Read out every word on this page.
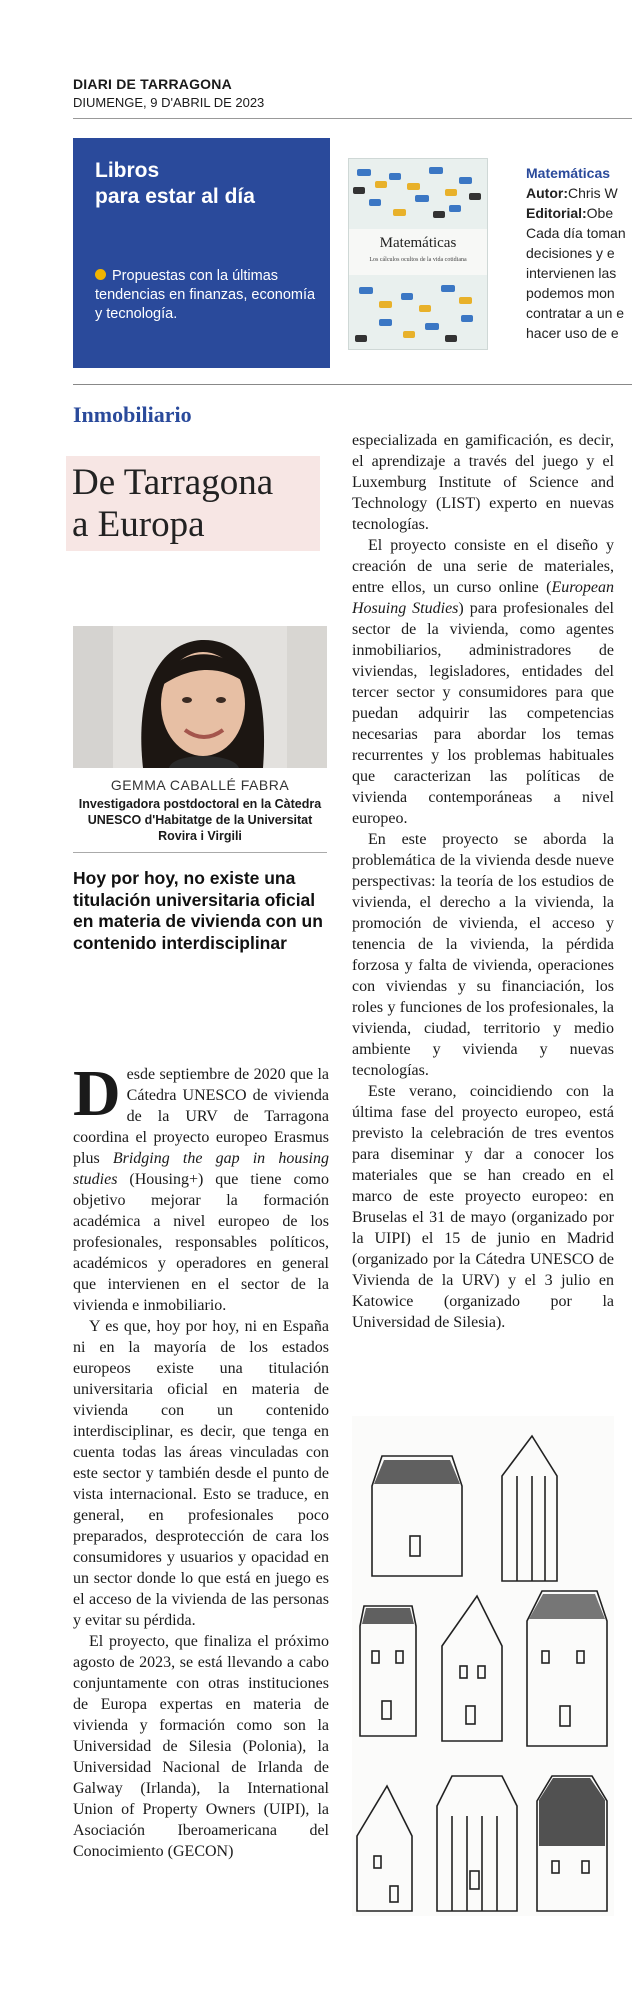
DIARI DE TARRAGONA
DIUMENGE, 9 D'ABRIL DE 2023
Libros
para estar al día
Propuestas con la últimas tendencias en finanzas, economía y tecnología.
Matemáticas
Los cálculos ocultos de la vida cotidiana
Matemáticas
Autor:Chris W
Editorial:Obe
Cada día toman
decisiones y e
intervienen las
podemos mon
contratar a un e
hacer uso de e
Inmobiliario
De Tarragona
a Europa
GEMMA CABALLÉ FABRA
Investigadora postdoctoral en la Càtedra UNESCO d'Habitatge de la Universitat Rovira i Virgili
Hoy por hoy, no existe una titulación universitaria oficial en materia de vivienda con un contenido interdisciplinar

Desde septiembre de 2020 que la Cátedra UNESCO de vivienda de la URV de Tarragona coordina el proyecto europeo Erasmus plus Bridging the gap in housing studies (Housing+) que tiene como objetivo mejorar la formación académica a nivel europeo de los profesionales, responsables políticos, académicos y operadores en general que intervienen en el sector de la vivienda e inmobiliario.

Y es que, hoy por hoy, ni en España ni en la mayoría de los estados europeos existe una titulación universitaria oficial en materia de vivienda con un contenido interdisciplinar, es decir, que tenga en cuenta todas las áreas vinculadas con este sector y también desde el punto de vista internacional. Esto se traduce, en general, en profesionales poco preparados, desprotección de cara los consumidores y usuarios y opacidad en un sector donde lo que está en juego es el acceso de la vivienda de las personas y evitar su pérdida.

El proyecto, que finaliza el próximo agosto de 2023, se está llevando a cabo conjuntamente con otras instituciones de Europa expertas en materia de vivienda y formación como son la Universidad de Silesia (Polonia), la Universidad Nacional de Irlanda de Galway (Irlanda), la International Union of Property Owners (UIPI), la Asociación Iberoamericana del Conocimiento (GECON)

especializada en gamificación, es decir, el aprendizaje a través del juego y el Luxemburg Institute of Science and Technology (LIST) experto en nuevas tecnologías.

El proyecto consiste en el diseño y creación de una serie de materiales, entre ellos, un curso online (European Hosuing Studies) para profesionales del sector de la vivienda, como agentes inmobiliarios, administradores de viviendas, legisladores, entidades del tercer sector y consumidores para que puedan adquirir las competencias necesarias para abordar los temas recurrentes y los problemas habituales que caracterizan las políticas de vivienda contemporáneas a nivel europeo.

En este proyecto se aborda la problemática de la vivienda desde nueve perspectivas: la teoría de los estudios de vivienda, el derecho a la vivienda, la promoción de vivienda, el acceso y tenencia de la vivienda, la pérdida forzosa y falta de vivienda, operaciones con viviendas y su financiación, los roles y funciones de los profesionales, la vivienda, ciudad, territorio y medio ambiente y vivienda y nuevas tecnologías.

Este verano, coincidiendo con la última fase del proyecto europeo, está previsto la celebración de tres eventos para diseminar y dar a conocer los materiales que se han creado en el marco de este proyecto europeo: en Bruselas el 31 de mayo (organizado por la UIPI) el 15 de junio en Madrid (organizado por la Cátedra UNESCO de Vivienda de la URV) y el 3 julio en Katowice (organizado por la Universidad de Silesia).
